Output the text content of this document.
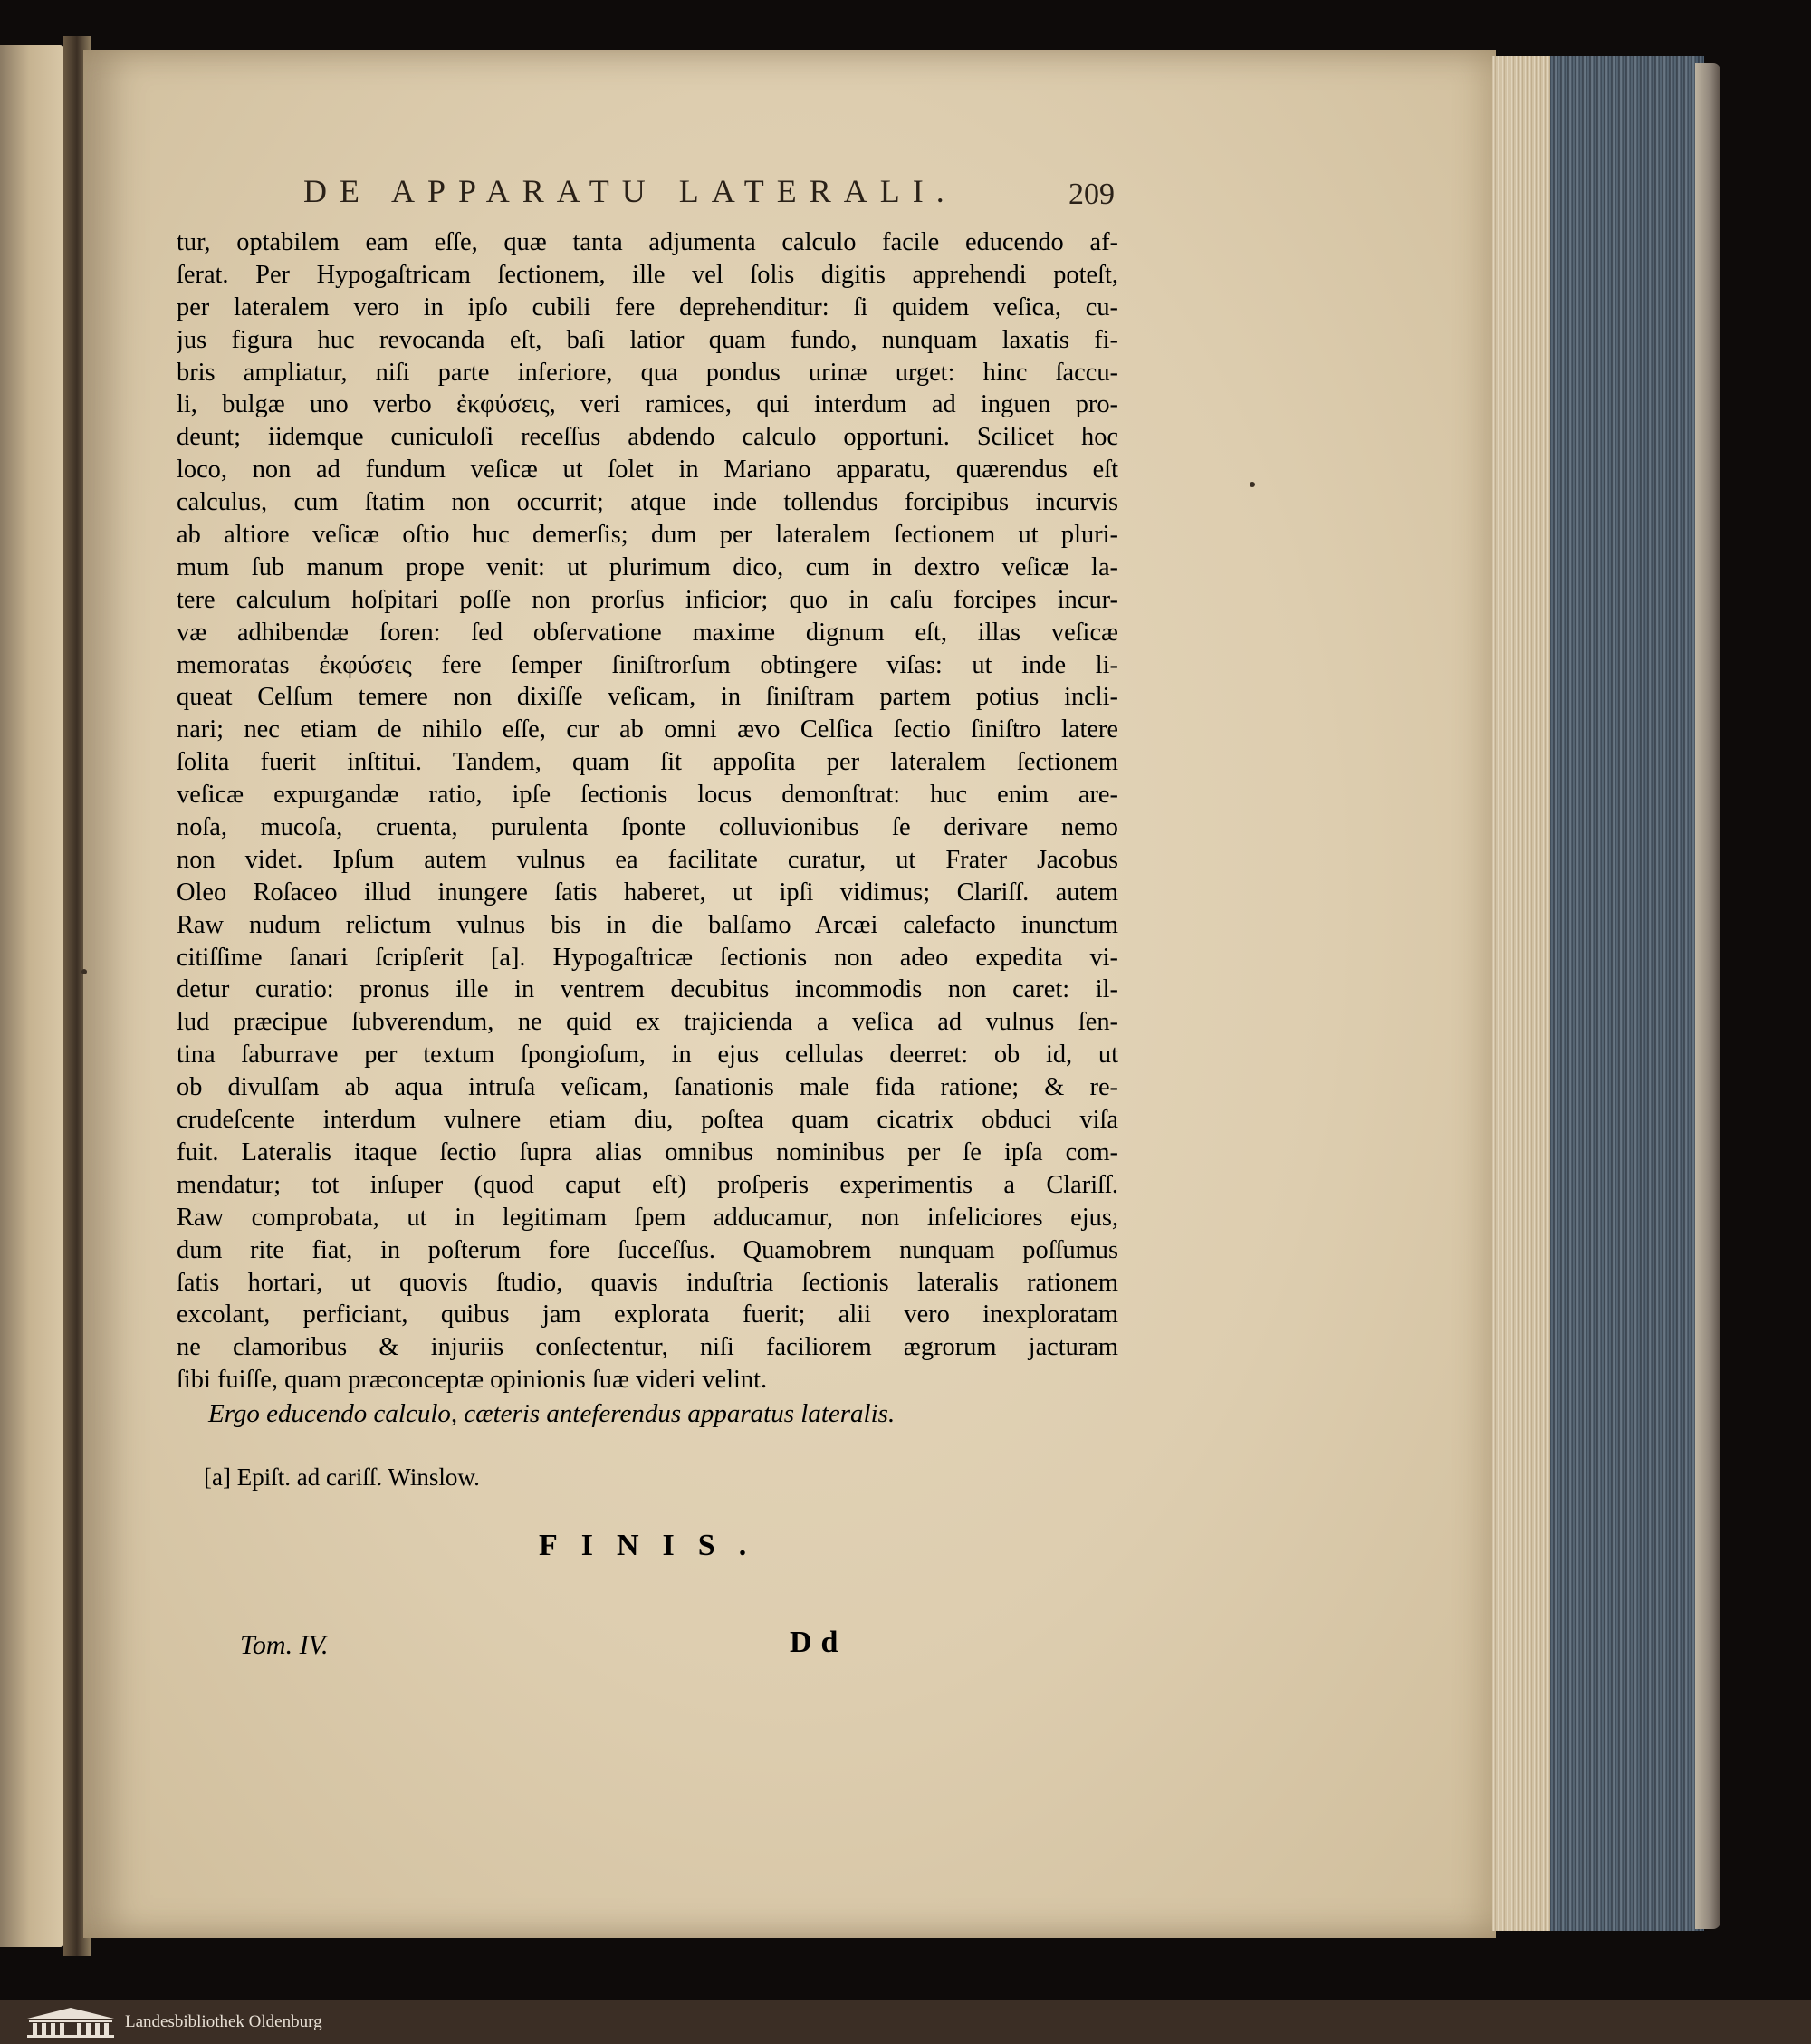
DE APPARATU LATERALI.	209
tur, optabilem eam eſſe, quæ tanta adjumenta calculo facile educendo af-
ſerat. Per Hypogaſtricam ſectionem, ille vel ſolis digitis apprehendi poteſt,
per lateralem vero in ipſo cubili fere deprehenditur: ſi quidem veſica, cu-
jus figura huc revocanda eſt, baſi latior quam fundo, nunquam laxatis fi-
bris ampliatur, niſi parte inferiore, qua pondus urinæ urget: hinc ſaccu-
li, bulgæ uno verbo ἐκφύσεις, veri ramices, qui interdum ad inguen pro-
deunt; iidemque cuniculoſi receſſus abdendo calculo opportuni. Scilicet hoc
loco, non ad fundum veſicæ ut ſolet in Mariano apparatu, quærendus eſt
calculus, cum ſtatim non occurrit; atque inde tollendus forcipibus incurvis
ab altiore veſicæ oſtio huc demerſis; dum per lateralem ſectionem ut pluri-
mum ſub manum prope venit: ut plurimum dico, cum in dextro veſicæ la-
tere calculum hoſpitari poſſe non prorſus inficior; quo in caſu forcipes incur-
væ adhibendæ foren: ſed obſervatione maxime dignum eſt, illas veſicæ
memoratas ἐκφύσεις fere ſemper ſiniſtrorſum obtingere viſas: ut inde li-
queat Celſum temere non dixiſſe veſicam, in ſiniſtram partem potius incli-
nari; nec etiam de nihilo eſſe, cur ab omni ævo Celſica ſectio ſiniſtro latere
ſolita fuerit inſtitui. Tandem, quam ſit appoſita per lateralem ſectionem
veſicæ expurgandæ ratio, ipſe ſectionis locus demonſtrat: huc enim are-
noſa, mucoſa, cruenta, purulenta ſponte colluvionibus ſe derivare nemo
non videt. Ipſum autem vulnus ea facilitate curatur, ut Frater Jacobus
Oleo Roſaceo illud inungere ſatis haberet, ut ipſi vidimus; Clariſſ. autem
Raw nudum relictum vulnus bis in die balſamo Arcæi calefacto inunctum
citiſſime ſanari ſcripſerit [a]. Hypogaſtricæ ſectionis non adeo expedita vi-
detur curatio: pronus ille in ventrem decubitus incommodis non caret: il-
lud præcipue ſubverendum, ne quid ex trajicienda a veſica ad vulnus ſen-
tina ſaburrave per textum ſpongioſum, in ejus cellulas deerret: ob id, ut
ob divulſam ab aqua intruſa veſicam, ſanationis male fida ratione; & re-
crudeſcente interdum vulnere etiam diu, poſtea quam cicatrix obduci viſa
fuit. Lateralis itaque ſectio ſupra alias omnibus nominibus per ſe ipſa com-
mendatur; tot inſuper (quod caput eſt) proſperis experimentis a Clariſſ.
Raw comprobata, ut in legitimam ſpem adducamur, non infeliciores ejus,
dum rite fiat, in poſterum fore ſucceſſus. Quamobrem nunquam poſſumus
ſatis hortari, ut quovis ſtudio, quavis induſtria ſectionis lateralis rationem
excolant, perficiant, quibus jam explorata fuerit; alii vero inexploratam
ne clamoribus & injuriis conſectentur, niſi faciliorem ægrorum jacturam
ſibi fuiſſe, quam præconceptæ opinionis ſuæ videri velint.
Ergo educendo calculo, cæteris anteferendus apparatus lateralis.
[a] Epiſt. ad cariſſ. Winslow.
FINIS.
Tom. IV.	Dd
Landesbibliothek Oldenburg
